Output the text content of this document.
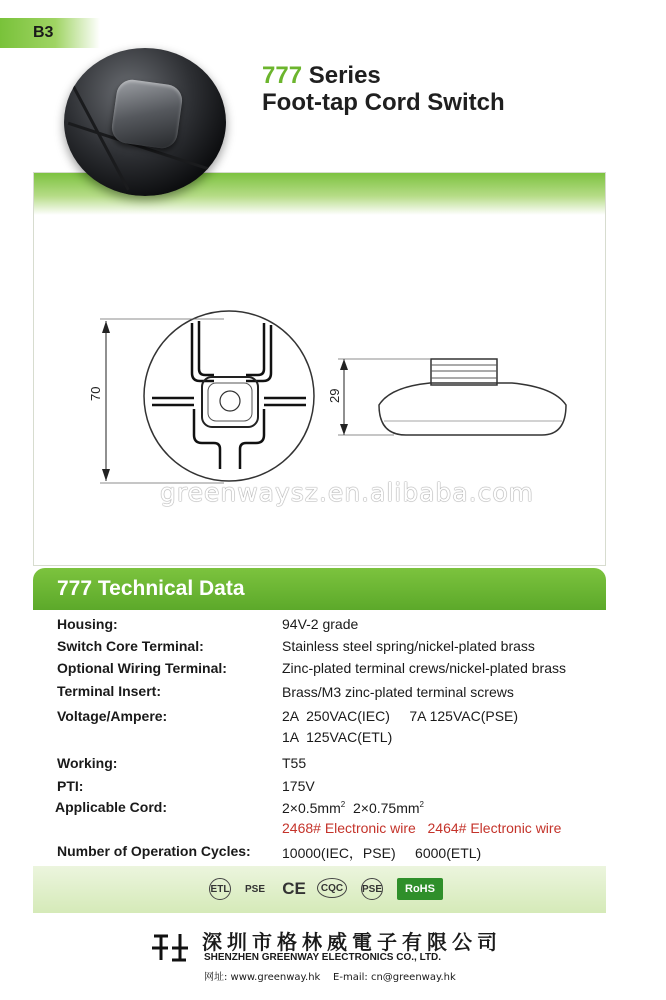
B3
777 Series
Foot-tap Cord Switch
70	29
greenwaysz.en.alibaba.com
777 Technical Data
Housing:	94V-2 grade
Switch Core Terminal:	Stainless steel spring/nickel-plated brass
Optional Wiring Terminal:	Zinc-plated terminal crews/nickel-plated brass
Terminal Insert:	Brass/M3 zinc-plated terminal screws
Voltage/Ampere:	2A  250VAC(IEC)     7A 125VAC(PSE)
1A  125VAC(ETL)
Working:	T55
PTI:	175V
Applicable Cord:	$2\times 0.5mm^2$ $2\times 0.75mm^2$
2468# Electronic wire   2464# Electronic wire
Number of Operation Cycles: 10000(IEC，PSE)     6000(ETL)
ETL	PSE CE	CQC	PSE	RoHS
深圳市格林威電子有限公司
SHENZHEN GREENWAY ELECTRONICS CO., LTD.
网址: www.greenway.hk    E-mail: cn@greenway.hk
